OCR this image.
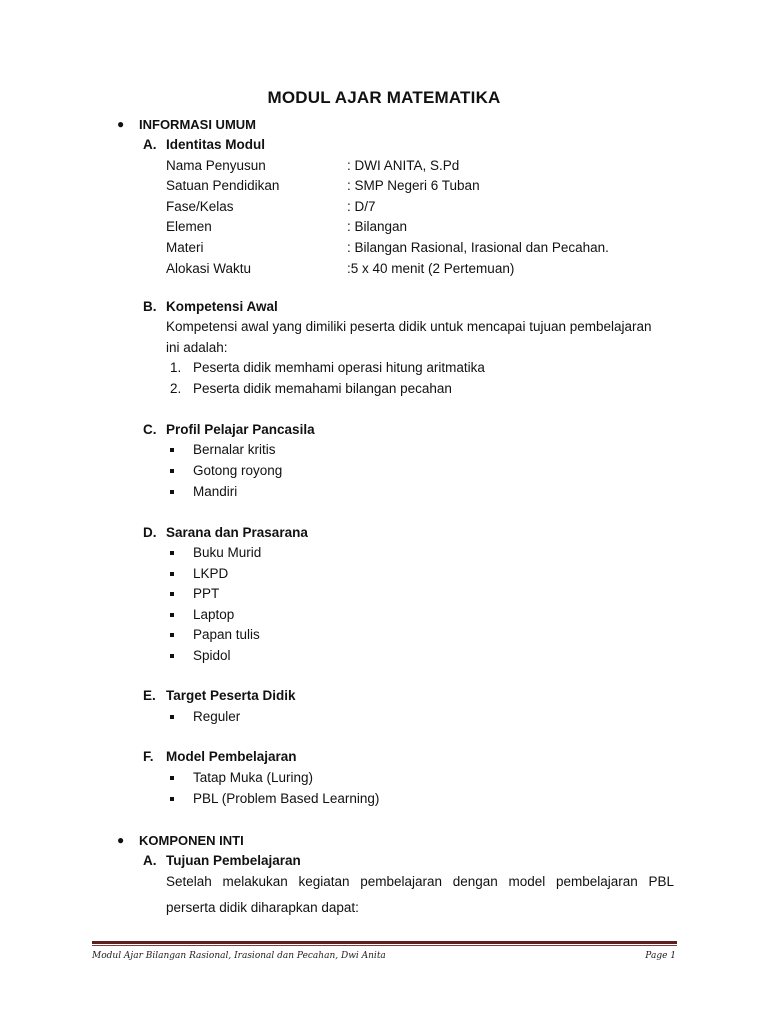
MODUL AJAR MATEMATIKA
● INFORMASI UMUM
A. Identitas Modul
Nama Penyusun	: DWI ANITA, S.Pd
Satuan Pendidikan	: SMP Negeri 6 Tuban
Fase/Kelas	: D/7
Elemen	: Bilangan
Materi	: Bilangan Rasional, Irasional dan Pecahan.
Alokasi Waktu	:5 x 40 menit (2 Pertemuan)
B. Kompetensi Awal
Kompetensi awal yang dimiliki peserta didik untuk mencapai tujuan pembelajaran
ini adalah:
1. Peserta didik memhami operasi hitung aritmatika
2. Peserta didik memahami bilangan pecahan
C. Profil Pelajar Pancasila
Bernalar kritis
Gotong royong
Mandiri
D. Sarana dan Prasarana
Buku Murid
LKPD
PPT
Laptop
Papan tulis
Spidol
E. Target Peserta Didik
Reguler
F. Model Pembelajaran
Tatap Muka (Luring)
PBL (Problem Based Learning)
● KOMPONEN INTI
A. Tujuan Pembelajaran
Setelah melakukan kegiatan pembelajaran dengan model pembelajaran PBL
perserta didik diharapkan dapat:
Modul Ajar Bilangan Rasional, Irasional dan Pecahan, Dwi Anita	Page 1
